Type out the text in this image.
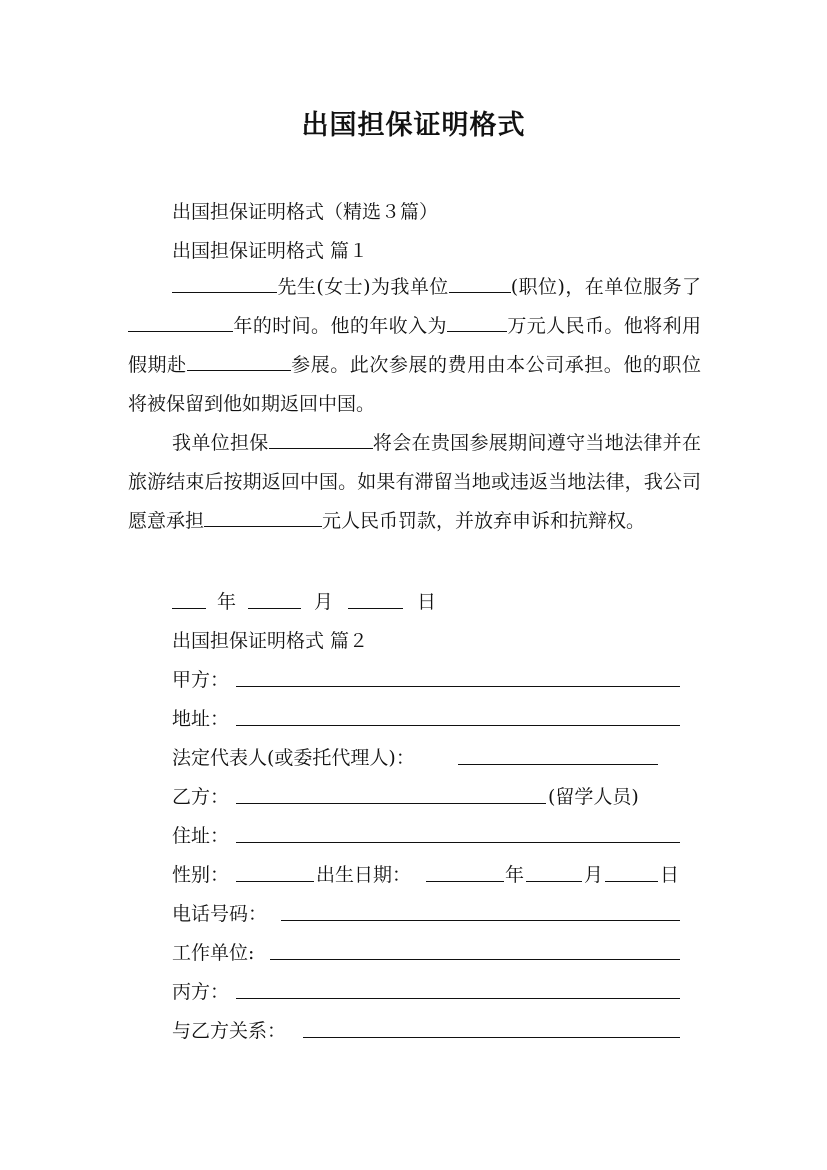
出国担保证明格式
出国担保证明格式（精选３篇）
出国担保证明格式 篇１
先生(女士)为我单位	(职位)，在单位服务了年的时间。他的年收入为	万元人民币。他将利用假期赴	参展。此次参展的费用由本公司承担。他的职位将被保留到他如期返回中国。
我单位担保	将会在贵国参展期间遵守当地法律并在旅游结束后按期返回中国。如果有滞留当地或违返当地法律，我公司愿意承担	元人民币罚款，并放弃申诉和抗辩权。
年	月	日
出国担保证明格式 篇２
甲方：
地址：
法定代表人(或委托代理人)：
乙方：	(留学人员)
住址：
性别：	出生日期：	年	月	日
电话号码：
工作单位:
丙方：
与乙方关系：
